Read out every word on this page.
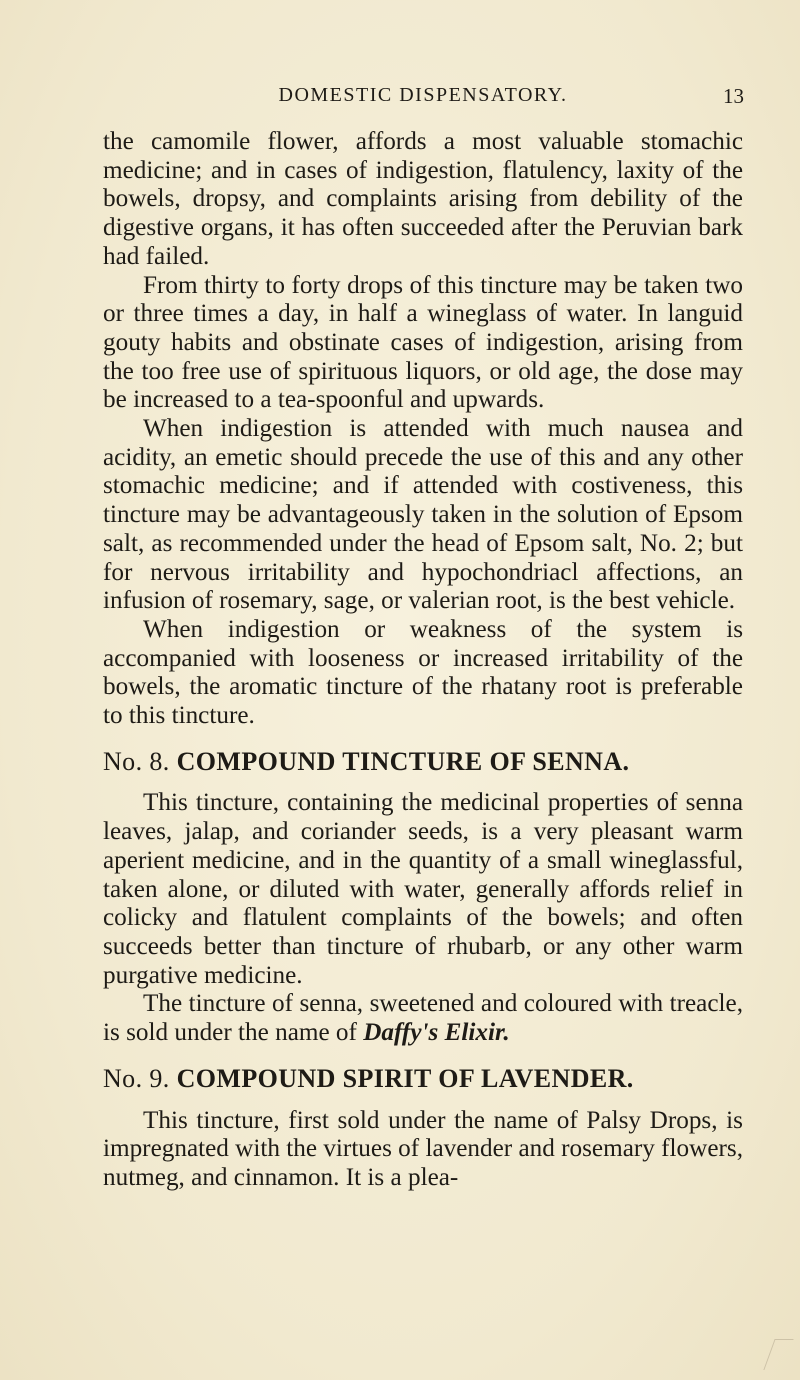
DOMESTIC DISPENSATORY.	13

the camomile flower, affords a most valuable stomachic medicine; and in cases of indigestion, flatulency, laxity of the bowels, dropsy, and complaints arising from debility of the digestive organs, it has often succeeded after the Peruvian bark had failed.

From thirty to forty drops of this tincture may be taken two or three times a day, in half a wineglass of water. In languid gouty habits and obstinate cases of indigestion, arising from the too free use of spirituous liquors, or old age, the dose may be increased to a tea-spoonful and upwards.

When indigestion is attended with much nausea and acidity, an emetic should precede the use of this and any other stomachic medicine; and if attended with costiveness, this tincture may be advantageously taken in the solution of Epsom salt, as recommended under the head of Epsom salt, No. 2; but for nervous irritability and hypochondriacl affections, an infusion of rosemary, sage, or valerian root, is the best vehicle.

When indigestion or weakness of the system is accompanied with looseness or increased irritability of the bowels, the aromatic tincture of the rhatany root is preferable to this tincture.

No. 8. COMPOUND TINCTURE OF SENNA.

This tincture, containing the medicinal properties of senna leaves, jalap, and coriander seeds, is a very pleasant warm aperient medicine, and in the quantity of a small wineglassful, taken alone, or diluted with water, generally affords relief in colicky and flatulent complaints of the bowels; and often succeeds better than tincture of rhubarb, or any other warm purgative medicine.

The tincture of senna, sweetened and coloured with treacle, is sold under the name of Daffy's Elixir.

No. 9. COMPOUND SPIRIT OF LAVENDER.

This tincture, first sold under the name of Palsy Drops, is impregnated with the virtues of lavender and rosemary flowers, nutmeg, and cinnamon. It is a plea-
